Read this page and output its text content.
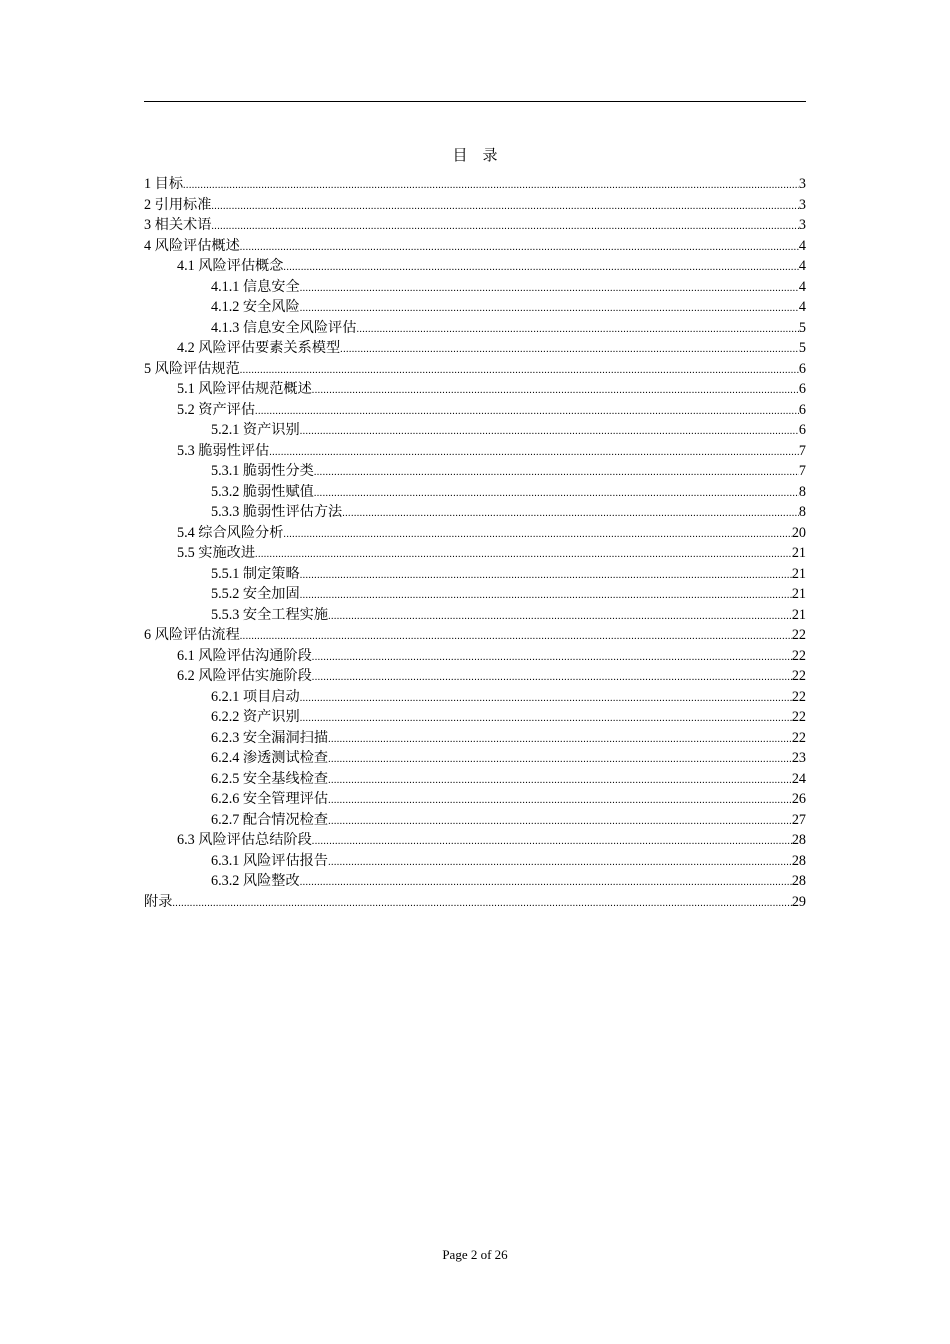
目    录
1 目标 .....	3
2 引用标准 .....	3
3 相关术语 .....	3
4 风险评估概述 .....	4
4.1 风险评估概念 .....	4
4.1.1 信息安全 .....	4
4.1.2 安全风险 .....	4
4.1.3 信息安全风险评估 .....	5
4.2 风险评估要素关系模型 .....	5
5 风险评估规范 .....	6
5.1 风险评估规范概述 .....	6
5.2 资产评估 .....	6
5.2.1 资产识别 .....	6
5.3 脆弱性评估 .....	7
5.3.1 脆弱性分类 .....	7
5.3.2 脆弱性赋值 .....	8
5.3.3 脆弱性评估方法 .....	8
5.4 综合风险分析 .....	20
5.5 实施改进 .....	21
5.5.1 制定策略 .....	21
5.5.2 安全加固 .....	21
5.5.3 安全工程实施 .....	21
6 风险评估流程 .....	22
6.1 风险评估沟通阶段 .....	22
6.2 风险评估实施阶段 .....	22
6.2.1 项目启动 .....	22
6.2.2 资产识别 .....	22
6.2.3 安全漏洞扫描 .....	22
6.2.4 渗透测试检查 .....	23
6.2.5 安全基线检查 .....	24
6.2.6 安全管理评估 .....	26
6.2.7 配合情况检查 .....	27
6.3 风险评估总结阶段 .....	28
6.3.1 风险评估报告 .....	28
6.3.2 风险整改 .....	28
附录 .....	29
Page 2 of 26
